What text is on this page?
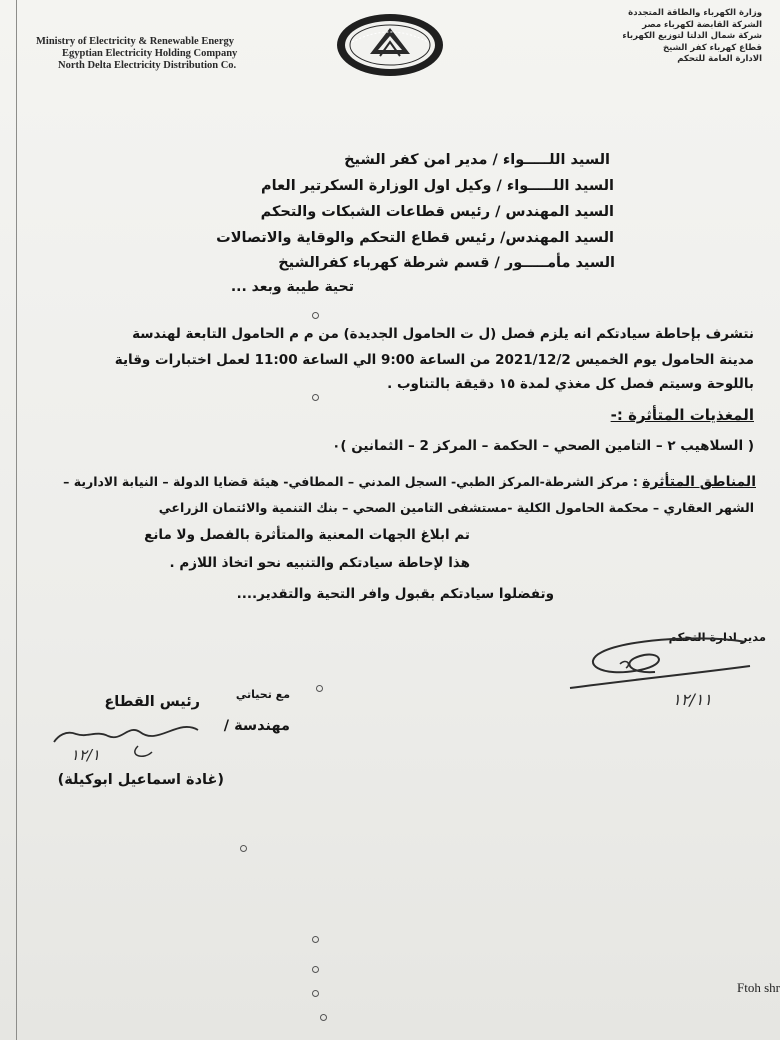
Ministry of Electricity & Renewable Energy
Egyptian Electricity Holding Company
North Delta Electricity Distribution Co.
وزارة الكهرباء والطاقة المتجددة
الشركة القابضة لكهرباء مصر
شركة شمال الدلتا لتوزيع الكهرباء
قطاع كهرباء كفر الشيخ
الادارة العامة للتحكم
السيد اللـــــواء / مدير امن كفر الشيخ
السيد اللـــــواء / وكيل اول الوزارة السكرتير العام
السيد المهندس / رئيس قطاعات الشبكات والتحكم
السيد المهندس/ رئيس قطاع التحكم والوقاية والاتصالات
السيد مأمـــــور / قسم شرطة كهرباء كفرالشيخ
تحية طيبة وبعد ...
نتشرف بإحاطة سيادتكم انه يلزم فصل (ل ت الحامول الجديدة) من م م الحامول التابعة لهندسة
مدينة الحامول يوم الخميس 2021/12/2 من الساعة 9:00 الي الساعة 11:00 لعمل اختبارات وقاية
باللوحة وسيتم فصل كل مغذي لمدة ١٥ دقيقة بالتناوب .
المغذيات المتأثرة :-
( السلاهيب ٢ – التامين الصحي – الحكمة – المركز 2 – الثمانين )۰
المناطق المتأثرة : مركز الشرطة-المركز الطبي- السجل المدني – المطافي- هيئة قضايا الدولة – النيابة الادارية –
الشهر العقاري – محكمة الحامول الكلية -مستشفى التامين الصحي – بنك التنمية والائتمان الزراعي
تم ابلاغ الجهات المعنية والمتأثرة بالفصل ولا مانع
هذا لإحاطة سيادتكم والتنبيه نحو اتخاذ اللازم .
وتفضلوا سيادتكم بقبول وافر التحية والتقدير....
مدير ادارة التحكم
١٢/١١
مع تحياتي
رئيس القطاع
مهندسة /
١٢/١
(غادة اسماعيل ابوكيلة)
Ftoh shr
